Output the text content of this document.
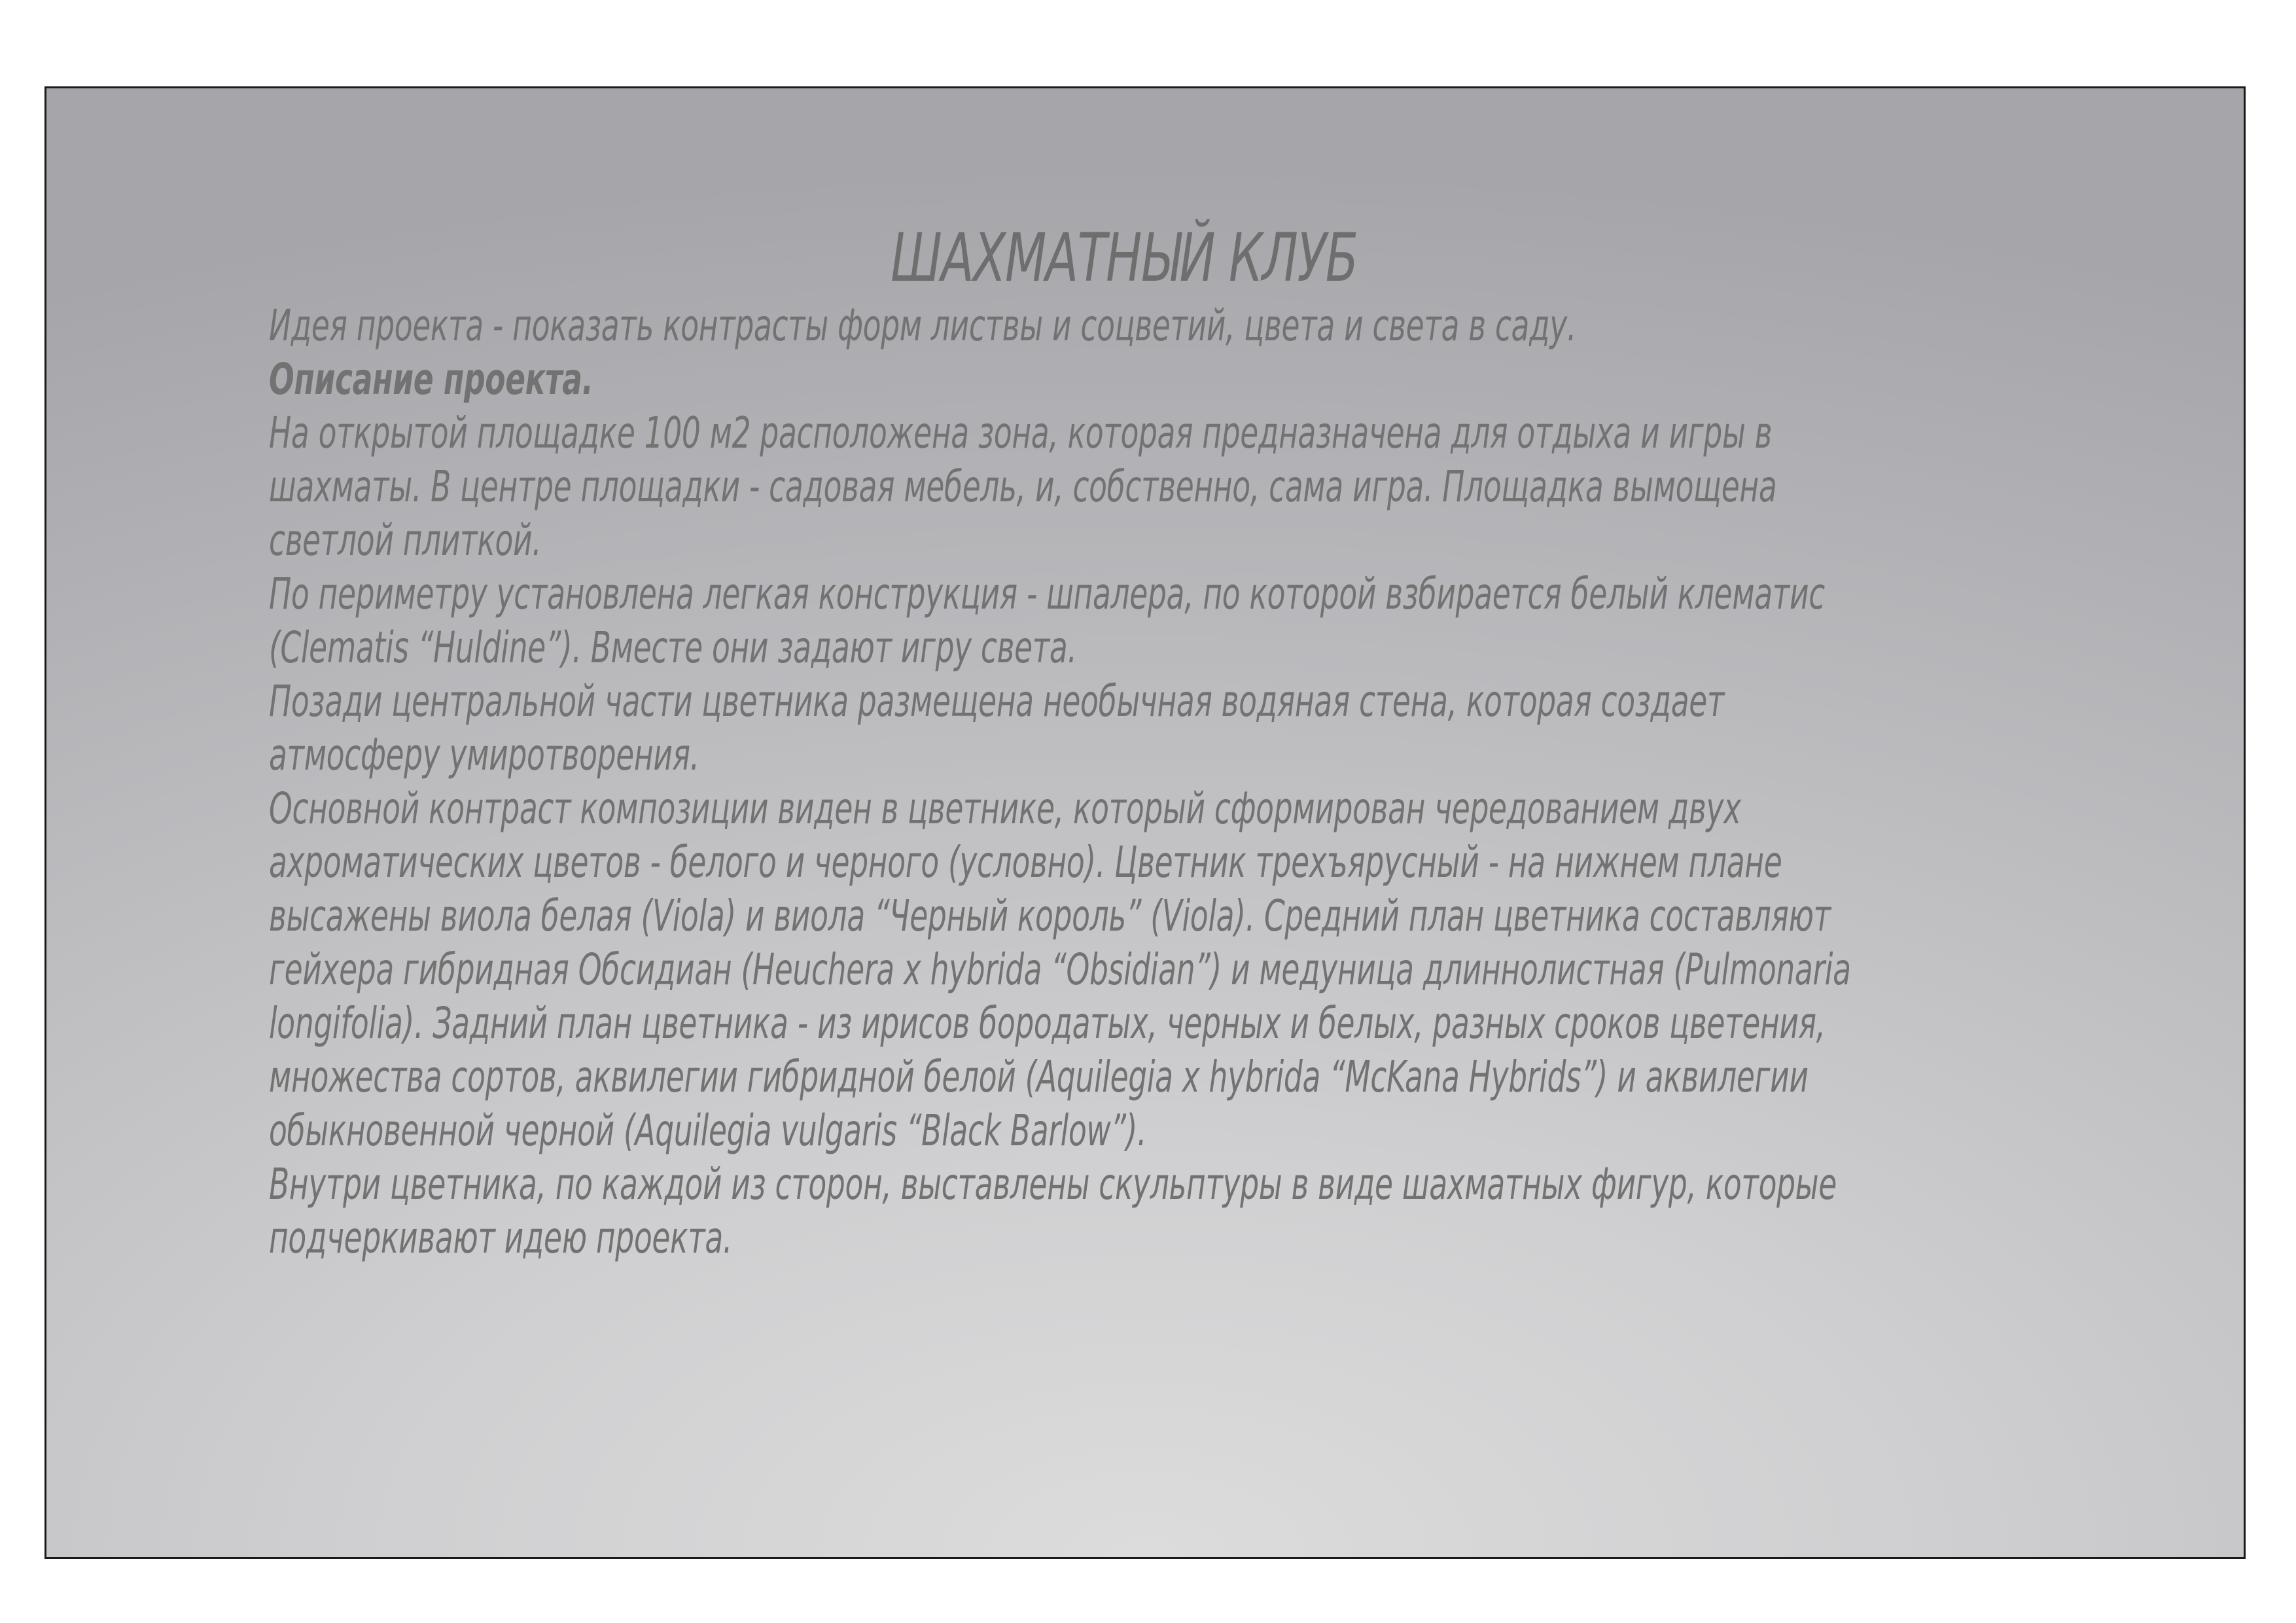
ШАХМАТНЫЙ КЛУБ
Идея проекта - показать контрасты форм листвы и соцветий, цвета и света в саду.
Описание проекта.
На открытой площадке 100 м2 расположена зона, которая предназначена для отдыха и игры в
шахматы. В центре площадки - садовая мебель, и, собственно, сама игра. Площадка вымощена
светлой плиткой.
По периметру установлена легкая конструкция - шпалера, по которой взбирается белый клематис
(Clematis “Huldine”). Вместе они задают игру света.
Позади центральной части цветника размещена необычная водяная стена, которая создает
атмосферу умиротворения.
Основной контраст композиции виден в цветнике, который сформирован чередованием двух
ахроматических цветов - белого и черного (условно). Цветник трехъярусный - на нижнем плане
высажены виола белая (Viola) и виола “Черный король” (Viola). Средний план цветника составляют
гейхера гибридная Обсидиан (Heuchera x hybrida “Obsidian”) и медуница длиннолистная (Pulmonaria
longifolia). Задний план цветника - из ирисов бородатых, черных и белых, разных сроков цветения,
множества сортов, аквилегии гибридной белой (Aquilegia x hybrida “McKana Hybrids”) и аквилегии
обыкновенной черной (Aquilegia vulgaris “Black Barlow”).
Внутри цветника, по каждой из сторон, выставлены скульптуры в виде шахматных фигур, которые
подчеркивают идею проекта.
